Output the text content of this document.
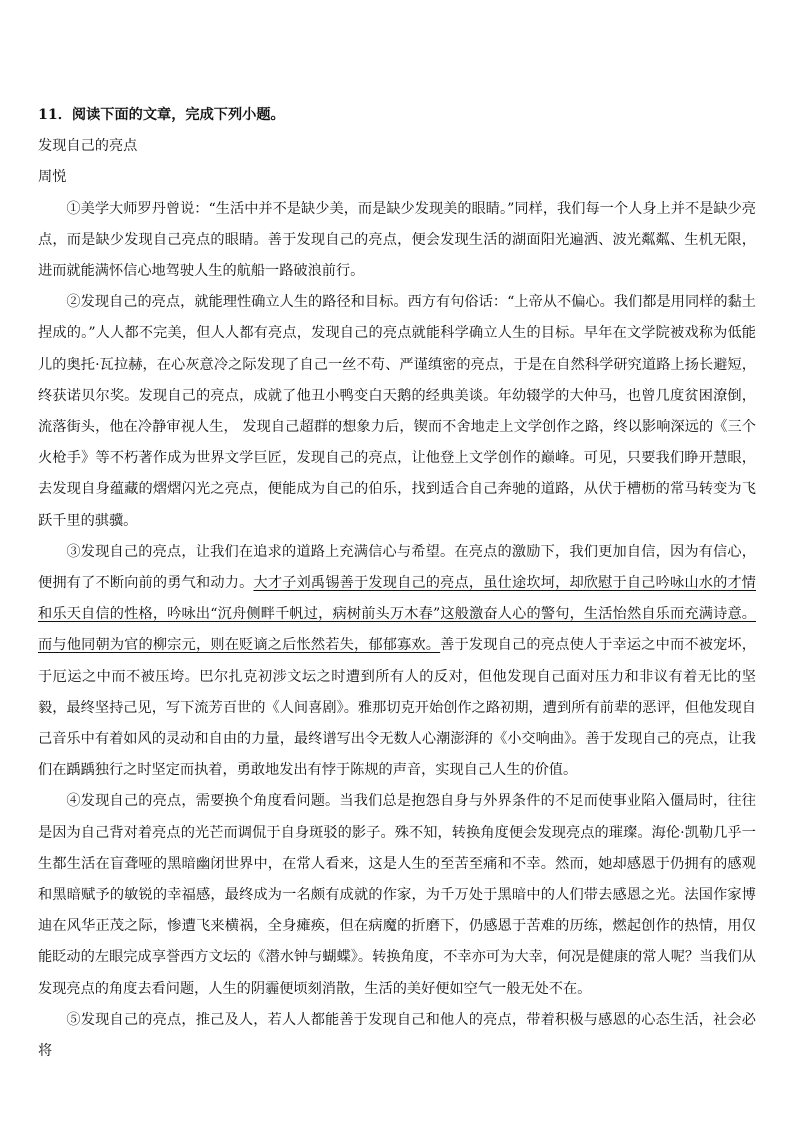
11．阅读下面的文章，完成下列小题。
发现自己的亮点
周悦

①美学大师罗丹曾说：“生活中并不是缺少美，而是缺少发现美的眼睛。”同样，我们每一个人身上并不是缺少亮点，而是缺少发现自己亮点的眼睛。善于发现自己的亮点，便会发现生活的湖面阳光遍洒、波光粼粼、生机无限，进而就能满怀信心地驾驶人生的航船一路破浪前行。

②发现自己的亮点，就能理性确立人生的路径和目标。西方有句俗话：“上帝从不偏心。我们都是用同样的黏土捏成的。”人人都不完美，但人人都有亮点，发现自己的亮点就能科学确立人生的目标。早年在文学院被戏称为低能儿的奥托·瓦拉赫，在心灰意冷之际发现了自己一丝不苟、严谨缜密的亮点，于是在自然科学研究道路上扬长避短，终获诺贝尔奖。发现自己的亮点，成就了他丑小鸭变白天鹅的经典美谈。年幼辍学的大仲马，也曾几度贫困潦倒，流落街头，他在冷静审视人生， 发现自己超群的想象力后，锲而不舍地走上文学创作之路，终以影响深远的《三个火枪手》等不朽著作成为世界文学巨匠，发现自己的亮点，让他登上文学创作的巅峰。可见，只要我们睁开慧眼，去发现自身蕴藏的熠熠闪光之亮点，便能成为自己的伯乐，找到适合自己奔驰的道路，从伏于槽枥的常马转变为飞跃千里的骐骥。

③发现自己的亮点，让我们在追求的道路上充满信心与希望。在亮点的激励下，我们更加自信，因为有信心，便拥有了不断向前的勇气和动力。大才子刘禹锡善于发现自己的亮点，虽仕途坎坷，却欣慰于自己吟咏山水的才情和乐天自信的性格，吟咏出“沉舟侧畔千帆过，病树前头万木春”这般激奋人心的警句，生活怡然自乐而充满诗意。而与他同朝为官的柳宗元，则在贬谪之后怅然若失，郁郁寡欢。善于发现自己的亮点使人于幸运之中而不被宠坏，于厄运之中而不被压垮。巴尔扎克初涉文坛之时遭到所有人的反对，但他发现自己面对压力和非议有着无比的坚毅，最终坚持己见，写下流芳百世的《人间喜剧》。雅那切克开始创作之路初期，遭到所有前辈的恶评，但他发现自己音乐中有着如风的灵动和自由的力量，最终谱写出令无数人心潮澎湃的《小交响曲》。善于发现自己的亮点，让我们在踽踽独行之时坚定而执着，勇敢地发出有悖于陈规的声音，实现自己人生的价值。

④发现自己的亮点，需要换个角度看问题。当我们总是抱怨自身与外界条件的不足而使事业陷入僵局时，往往是因为自己背对着亮点的光芒而调侃于自身斑驳的影子。殊不知，转换角度便会发现亮点的璀璨。海伦·凯勒几乎一生都生活在盲聋哑的黑暗幽闭世界中，在常人看来，这是人生的至苦至痛和不幸。然而，她却感恩于仍拥有的感观和黑暗赋予的敏锐的幸福感，最终成为一名颇有成就的作家，为千万处于黑暗中的人们带去感恩之光。法国作家博迪在风华正茂之际，惨遭飞来横祸，全身瘫痪，但在病魔的折磨下，仍感恩于苦难的历练，燃起创作的热情，用仅能眨动的左眼完成享誉西方文坛的《潜水钟与蝴蝶》。转换角度，不幸亦可为大幸，何况是健康的常人呢？当我们从发现亮点的角度去看问题，人生的阴霾便顷刻消散，生活的美好便如空气一般无处不在。

⑤发现自己的亮点，推己及人，若人人都能善于发现自己和他人的亮点，带着积极与感恩的心态生活，社会必将
